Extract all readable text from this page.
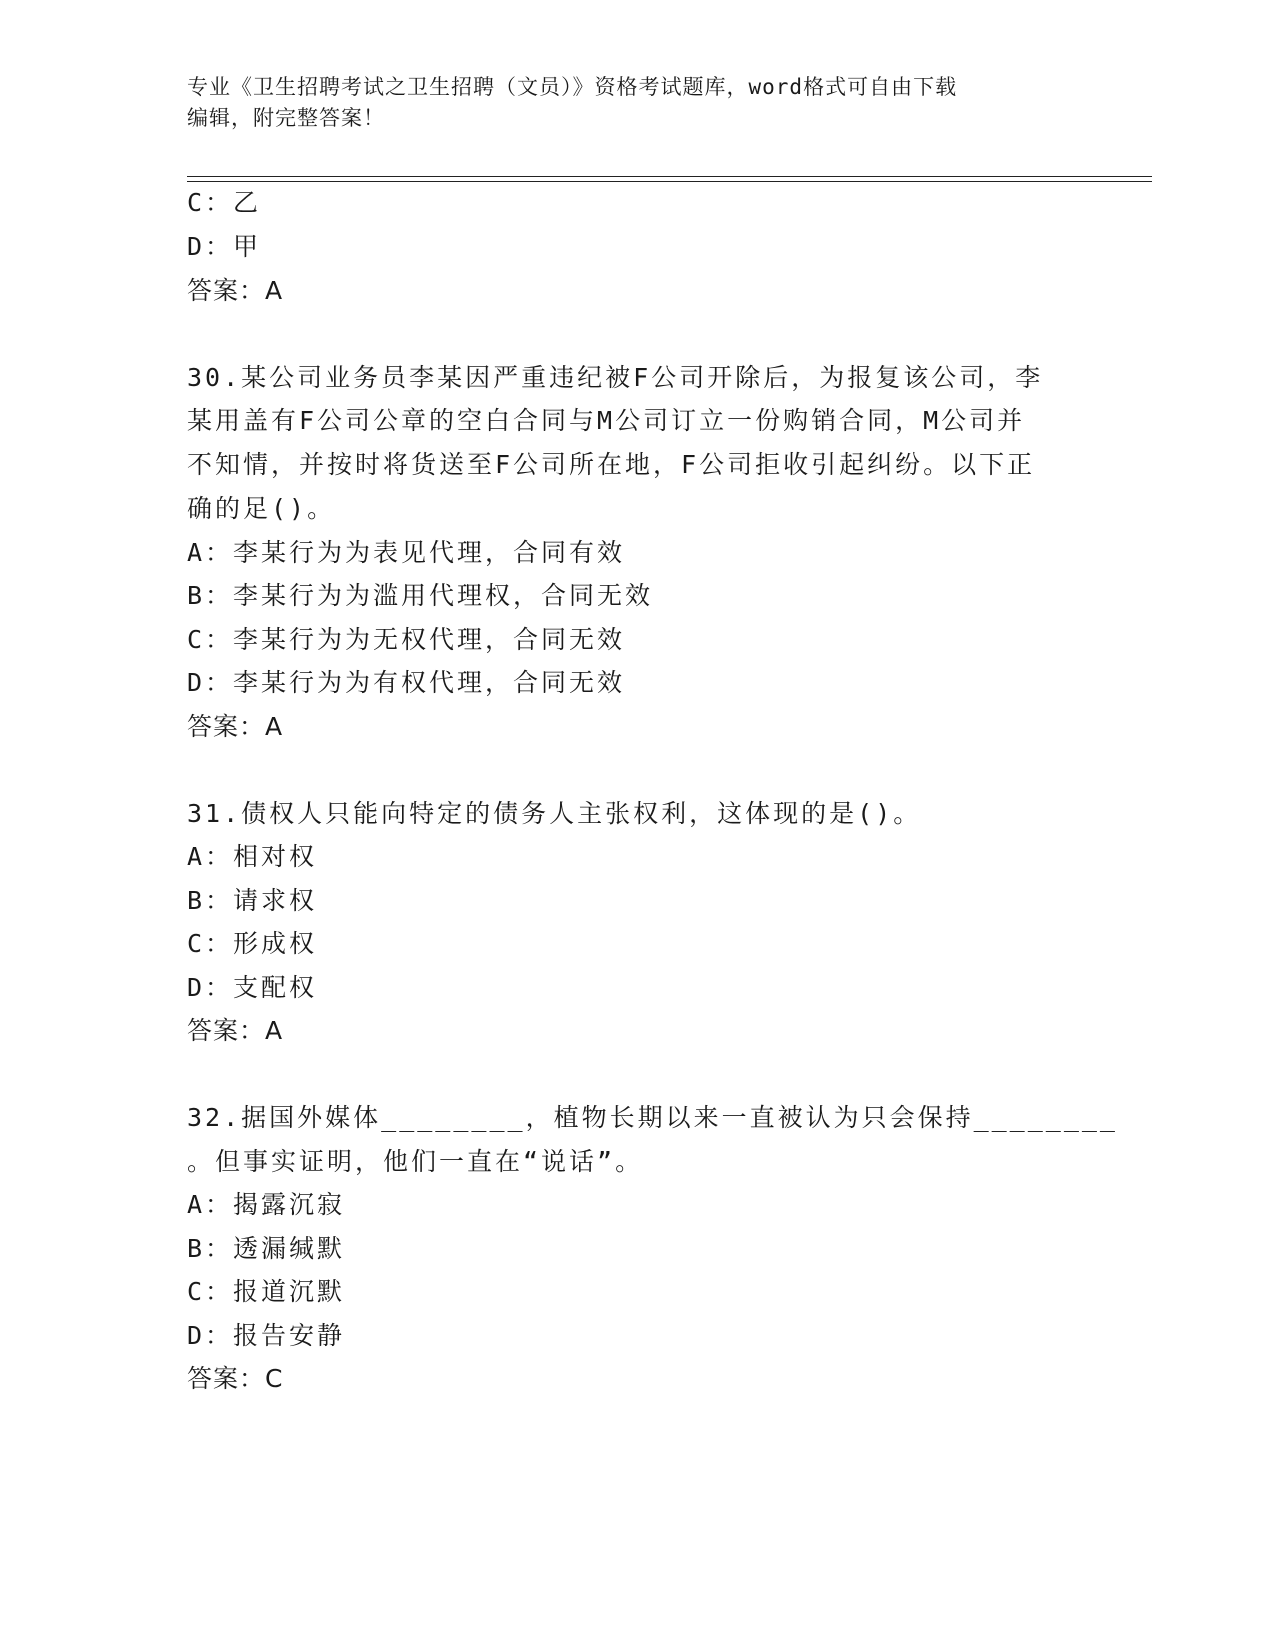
专业《卫生招聘考试之卫生招聘（文员）》资格考试题库，word格式可自由下载
编辑，附完整答案！
C：乙
D：甲
答案：A
30.某公司业务员李某因严重违纪被F公司开除后，为报复该公司，李
某用盖有F公司公章的空白合同与M公司订立一份购销合同，M公司并
不知情，并按时将货送至F公司所在地，F公司拒收引起纠纷。以下正
确的足()。
A：李某行为为表见代理，合同有效
B：李某行为为滥用代理权，合同无效
C：李某行为为无权代理，合同无效
D：李某行为为有权代理，合同无效
答案：A
31.债权人只能向特定的债务人主张权利，这体现的是()。
A：相对权
B：请求权
C：形成权
D：支配权
答案：A
32.据国外媒体________，植物长期以来一直被认为只会保持________
。但事实证明，他们一直在“说话”。
A：揭露沉寂
B：透漏缄默
C：报道沉默
D：报告安静
答案：C
